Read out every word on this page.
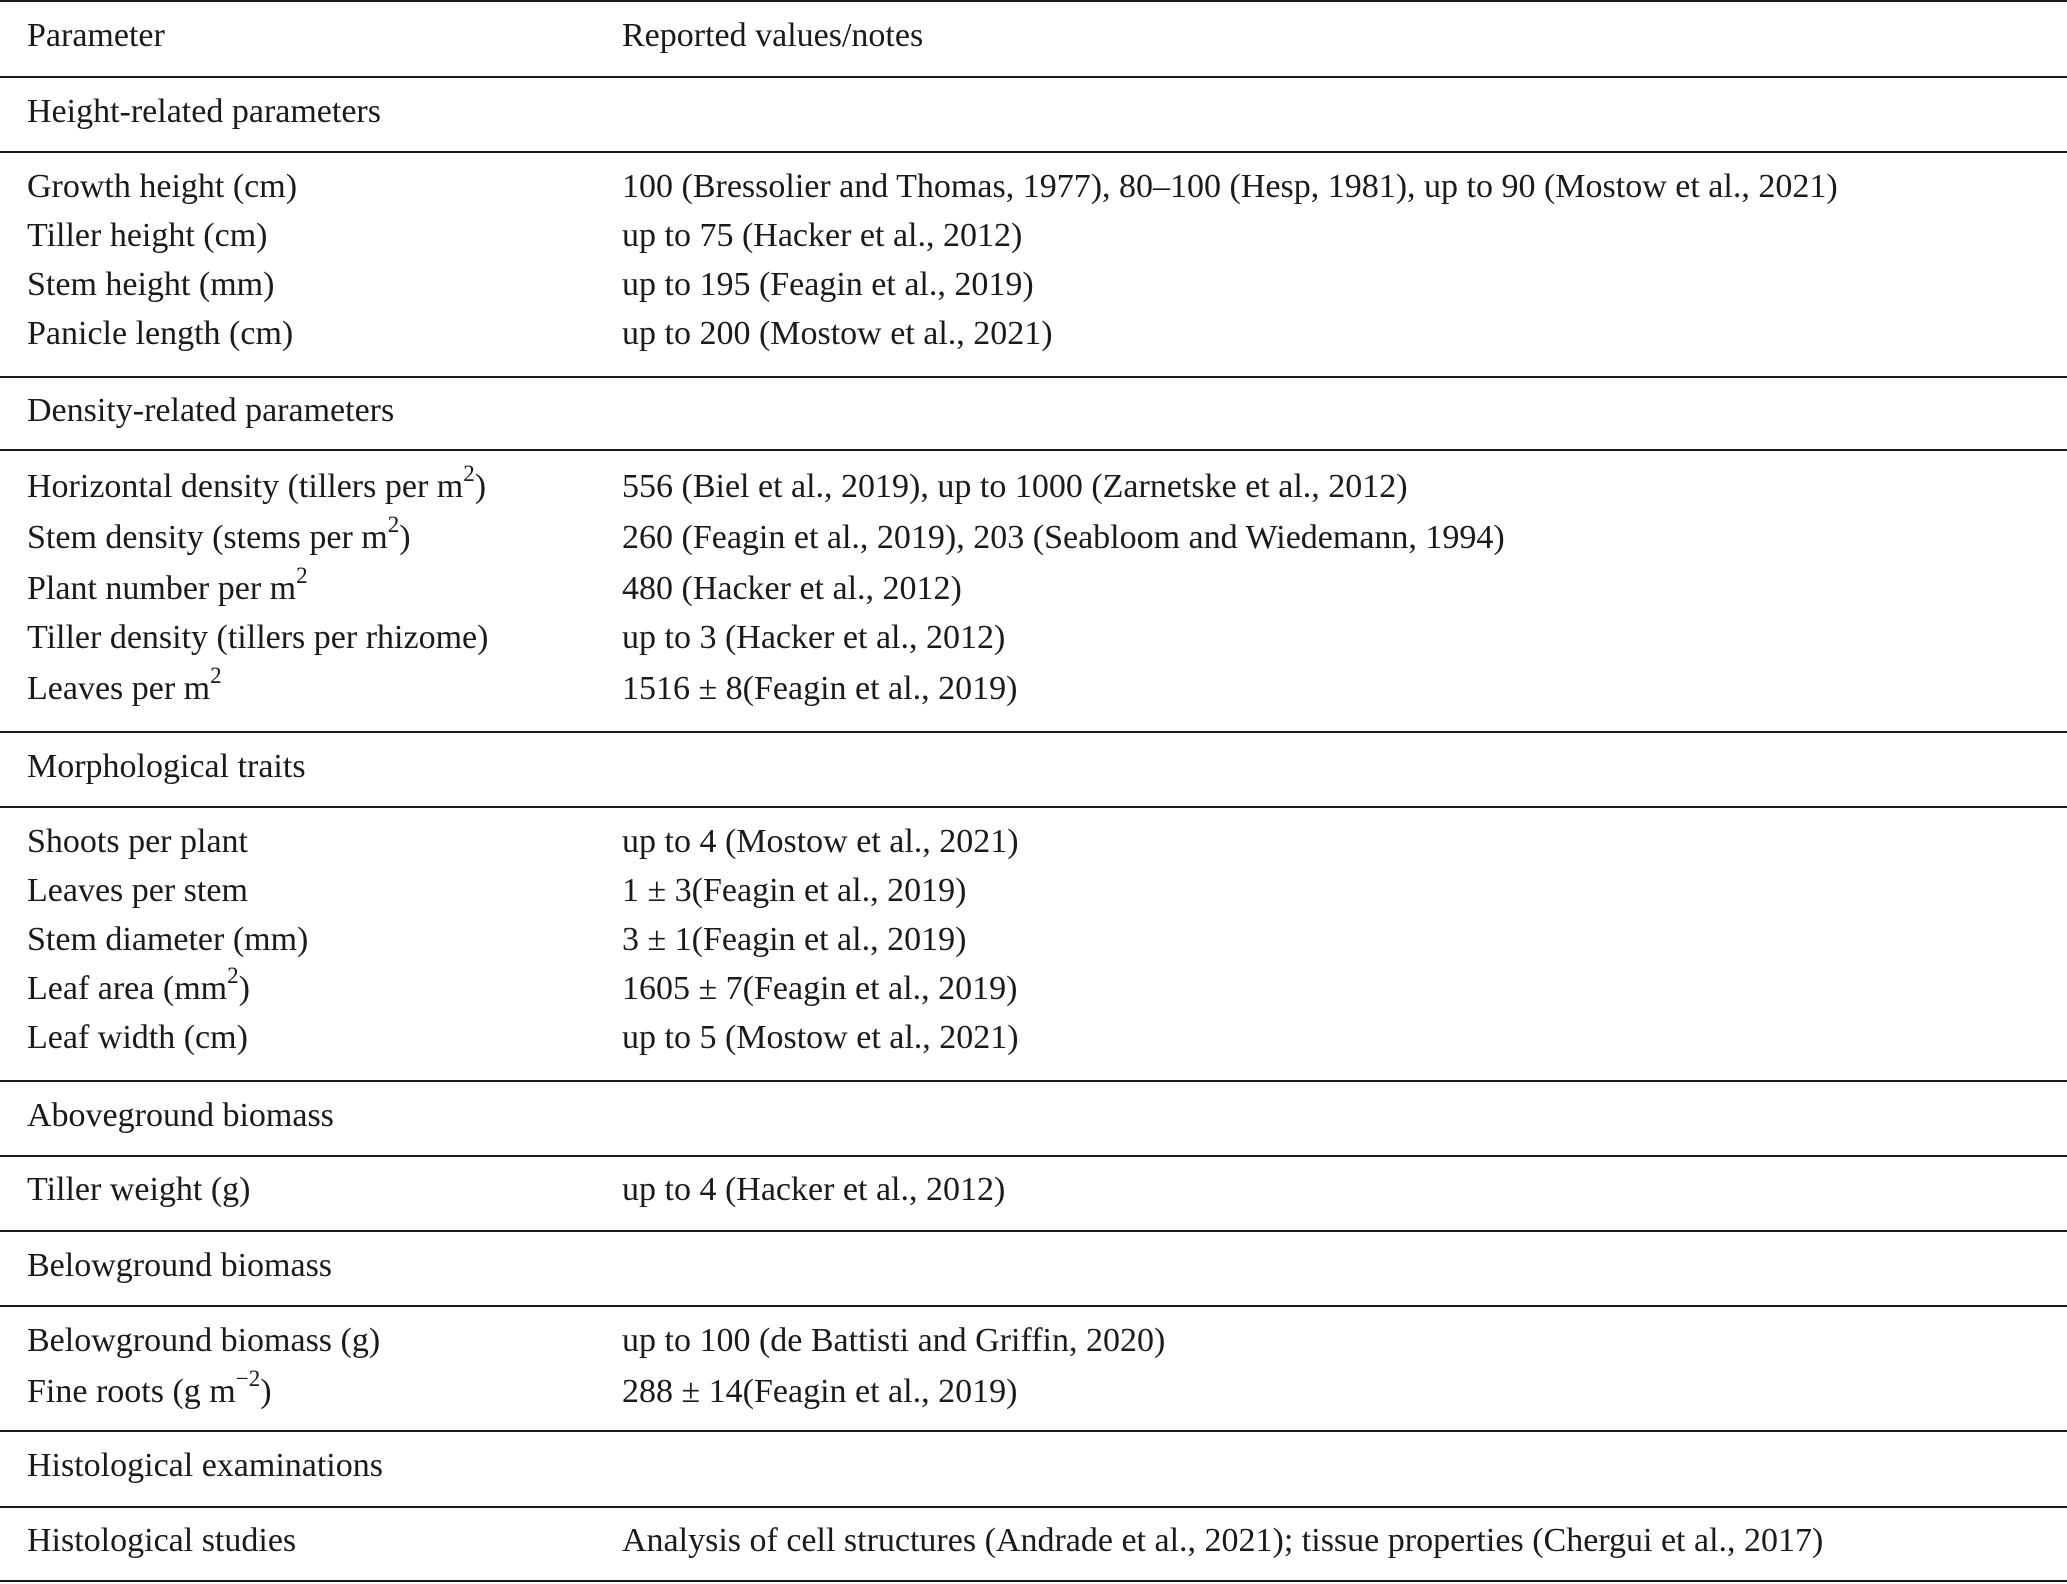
Parameter	Reported values/notes
Height-related parameters
Growth height (cm)	100 (Bressolier and Thomas, 1977), 80–100 (Hesp, 1981), up to 90 (Mostow et al., 2021)
Tiller height (cm)	up to 75 (Hacker et al., 2012)
Stem height (mm)	up to 195 (Feagin et al., 2019)
Panicle length (cm)	up to 200 (Mostow et al., 2021)
Density-related parameters
Horizontal density (tillers per $m^2$)	556 (Biel et al., 2019), up to 1000 (Zarnetske et al., 2012)
Stem density (stems per $m^2$)	260 (Feagin et al., 2019), 203 (Seabloom and Wiedemann, 1994)
Plant number per $m^2$	480 (Hacker et al., 2012)
Tiller density (tillers per rhizome)	up to 3 (Hacker et al., 2012)
Leaves per $m^2$	1516 ± 8(Feagin et al., 2019)
Morphological traits
Shoots per plant	up to 4 (Mostow et al., 2021)
Leaves per stem	1 ± 3(Feagin et al., 2019)
Stem diameter (mm)	3 ± 1(Feagin et al., 2019)
Leaf area $(mm^2)$	1605 ± 7(Feagin et al., 2019)
Leaf width (cm)	up to 5 (Mostow et al., 2021)
Aboveground biomass
Tiller weight (g)	up to 4 (Hacker et al., 2012)
Belowground biomass
Belowground biomass (g)	up to 100 (de Battisti and Griffin, 2020)
Fine roots (g $m^{-2}$)	288 ± 14(Feagin et al., 2019)
Histological examinations
Histological studies	Analysis of cell structures (Andrade et al., 2021); tissue properties (Chergui et al., 2017)
